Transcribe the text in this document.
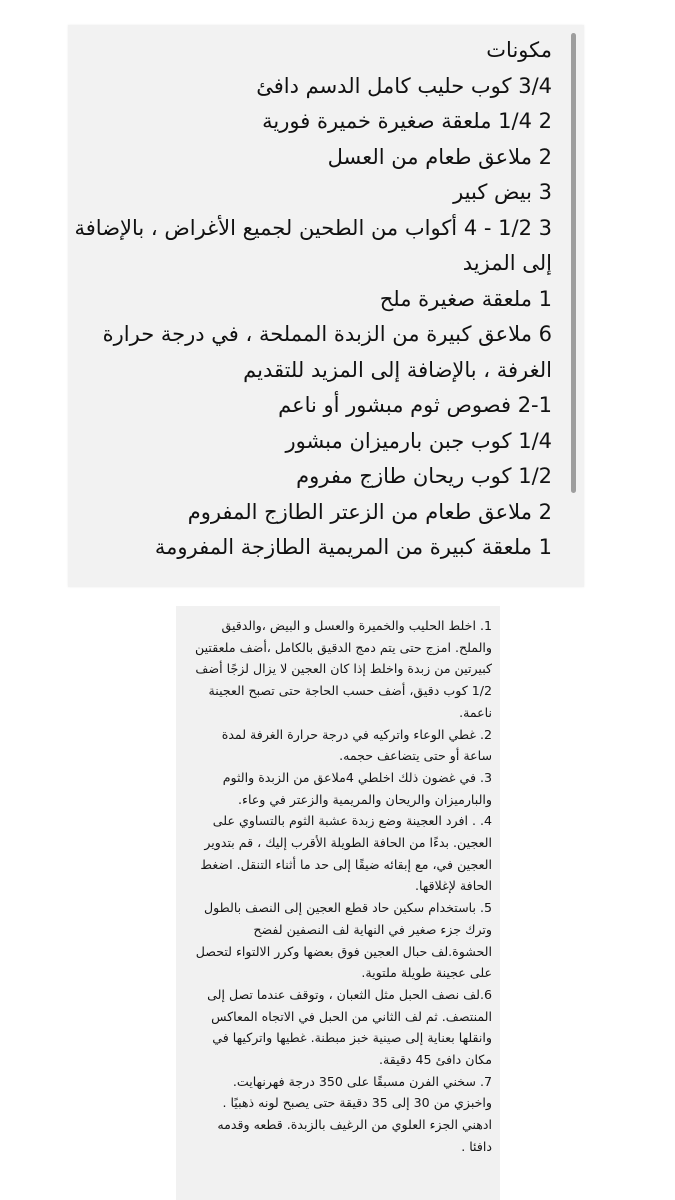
مكونات
3/4 كوب حليب كامل الدسم دافئ
2 1/4 ملعقة صغيرة خميرة فورية
2 ملاعق طعام من العسل
3 بيض كبير
3 1/2 - 4 أكواب من الطحين لجميع الأغراض ، بالإضافة إلى المزيد
1 ملعقة صغيرة ملح
6 ملاعق كبيرة من الزبدة المملحة ، في درجة حرارة الغرفة ، بالإضافة إلى المزيد للتقديم
2-1 فصوص ثوم مبشور أو ناعم
1/4 كوب جبن بارميزان مبشور
1/2 كوب ريحان طازج مفروم
2 ملاعق طعام من الزعتر الطازج المفروم
1 ملعقة كبيرة من المريمية الطازجة المفرومة

1. اخلط الحليب والخميرة والعسل و البيض ،والدقيق والملح. امزج حتى يتم دمج الدقيق بالكامل ،أضف ملعقتين كبيرتين من زبدة واخلط إذا كان العجين لا يزال لزجًا أضف 1/2 كوب دقيق، أضف حسب الحاجة حتى تصبح العجينة ناعمة.

2. غطي الوعاء واتركيه في درجة حرارة الغرفة لمدة ساعة أو حتى يتضاعف حجمه.

3. في غضون ذلك اخلطي 4ملاعق من الزبدة والثوم والبارميزان والريحان والمريمية والزعتر في وعاء.

4. . افرد العجينة وضع زبدة عشبة الثوم بالتساوي على العجين. بدءًا من الحافة الطويلة الأقرب إليك ، قم بتدوير العجين في، مع إبقائه ضيقًا إلى حد ما أثناء التنقل. اضغط الحافة لإغلاقها.

5. باستخدام سكين حاد قطع العجين إلى النصف بالطول وترك جزء صغير في النهاية لف النصفين لفضح الحشوة.لف حبال العجين فوق بعضها وكرر الالتواء لتحصل على عجينة طويلة ملتوية.

6.لف نصف الحبل مثل الثعبان ، وتوقف عندما تصل إلى المنتصف. ثم لف الثاني من الحبل في الاتجاه المعاكس وانقلها بعناية إلى صينية خبز مبطنة. غطيها واتركيها في مكان دافئ 45 دقيقة.

7. سخني الفرن مسبقًا على 350 درجة فهرنهايت. واخبزي من 30 إلى 35 دقيقة حتى يصبح لونه ذهبيًا . ادهني الجزء العلوي من الرغيف بالزبدة. قطعه وقدمه دافئا .
